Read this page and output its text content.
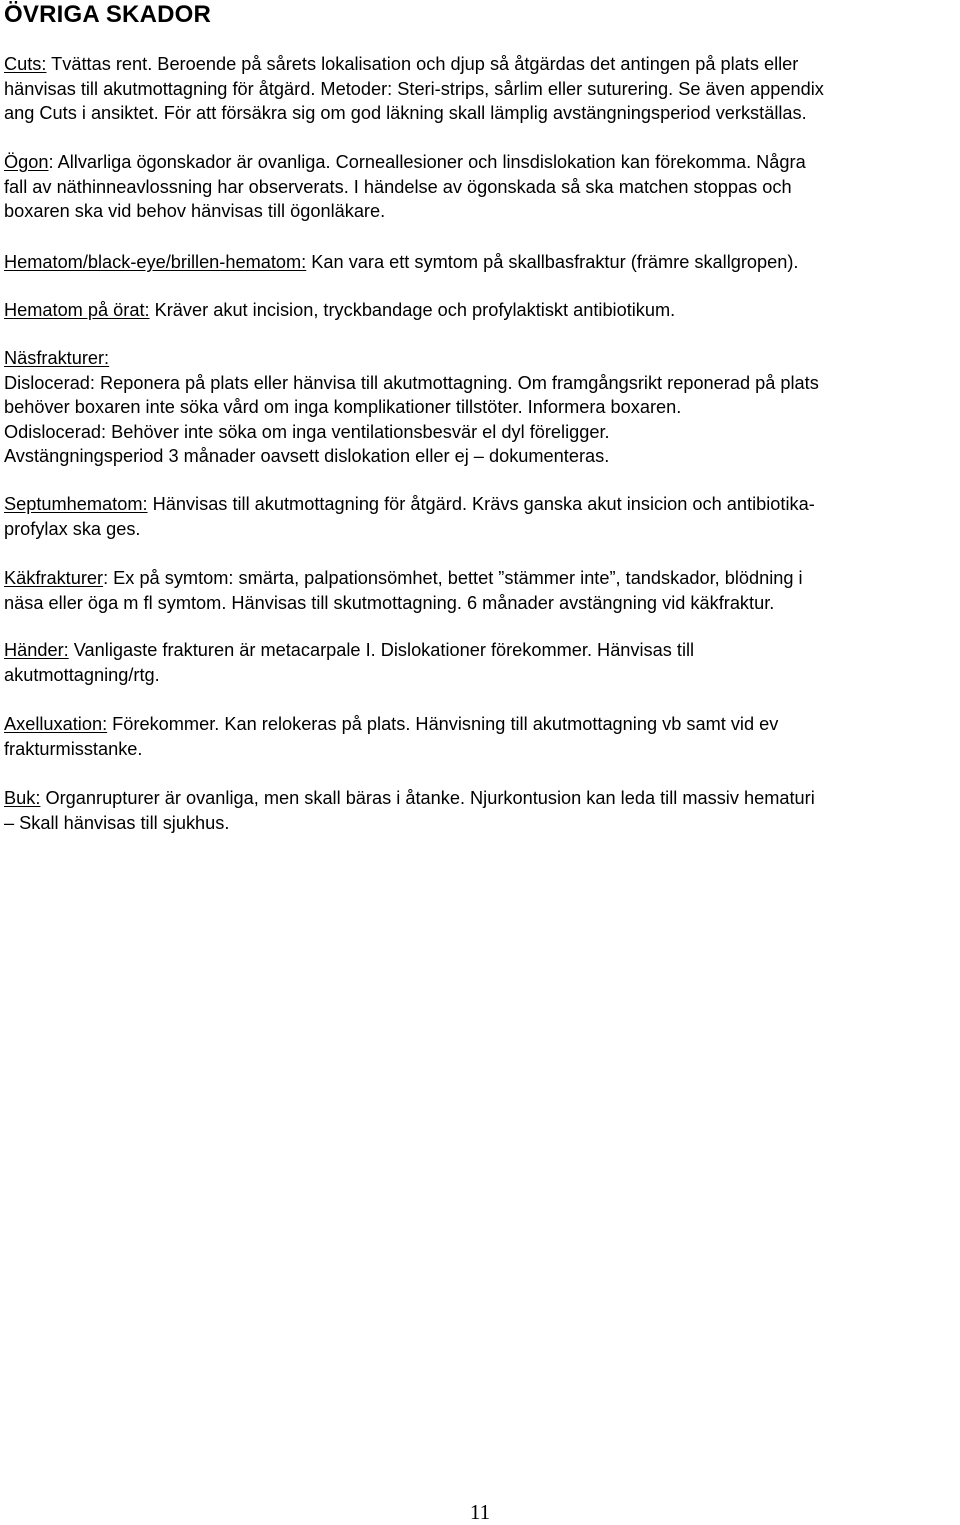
ÖVRIGA SKADOR
Cuts: Tvättas rent. Beroende på sårets lokalisation och djup så åtgärdas det antingen på plats eller
hänvisas till akutmottagning för åtgärd. Metoder: Steri-strips, sårlim eller suturering. Se även appendix
ang Cuts i ansiktet. För att försäkra sig om god läkning skall lämplig avstängningsperiod verkställas.
Ögon: Allvarliga ögonskador är ovanliga. Corneallesioner och linsdislokation kan förekomma. Några
fall av näthinneavlossning har observerats. I händelse av ögonskada så ska matchen stoppas och
boxaren ska vid behov hänvisas till ögonläkare.
Hematom/black-eye/brillen-hematom: Kan vara ett symtom på skallbasfraktur (främre skallgropen).
Hematom på örat: Kräver akut incision, tryckbandage och profylaktiskt antibiotikum.
Näsfrakturer:
Dislocerad: Reponera på plats eller hänvisa till akutmottagning. Om framgångsrikt reponerad på plats
behöver boxaren inte söka vård om inga komplikationer tillstöter. Informera boxaren.
Odislocerad: Behöver inte söka om inga ventilationsbesvär el dyl föreligger.
Avstängningsperiod 3 månader oavsett dislokation eller ej – dokumenteras.
Septumhematom: Hänvisas till akutmottagning för åtgärd. Krävs ganska akut insicion och antibiotika-
profylax ska ges.
Käkfrakturer: Ex på symtom: smärta, palpationsömhet, bettet ”stämmer inte”, tandskador, blödning i
näsa eller öga m fl symtom. Hänvisas till skutmottagning. 6 månader avstängning vid käkfraktur.
Händer: Vanligaste frakturen är metacarpale I. Dislokationer förekommer. Hänvisas till
akutmottagning/rtg.
Axelluxation: Förekommer. Kan relokeras på plats. Hänvisning till akutmottagning vb samt vid ev
frakturmisstanke.
Buk: Organrupturer är ovanliga, men skall bäras i åtanke. Njurkontusion kan leda till massiv hematuri
– Skall hänvisas till sjukhus.
11
